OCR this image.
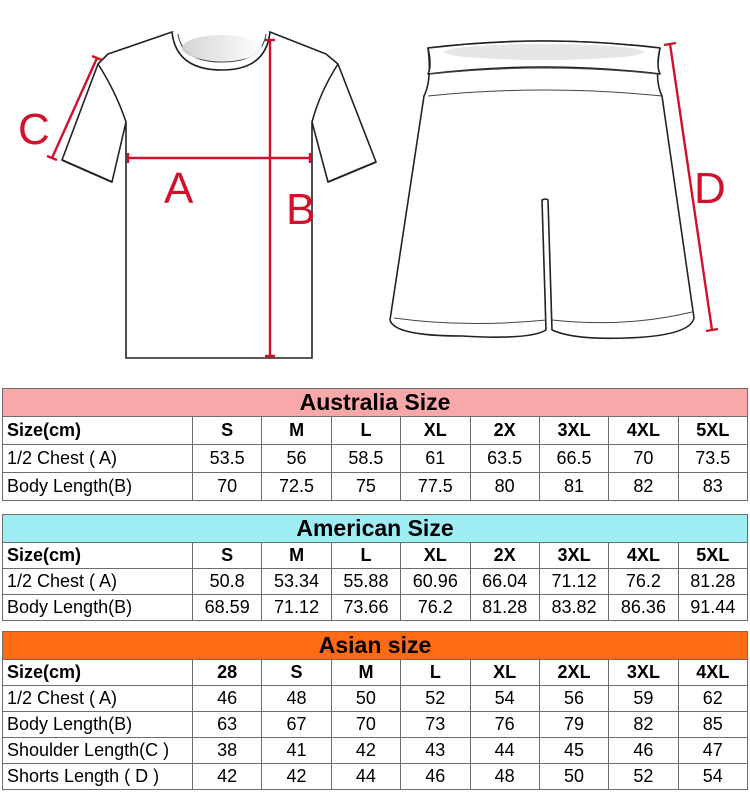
C
A B	D
Australia Size								
Size(cm)	S	M	L	XL	2X	3XL	4XL	5XL
1/2 Chest ( A)	53.5	56	58.5	61	63.5	66.5	70	73.5
Body Length(B)	70	72.5	75	77.5	80	81	82	83
American Size								
Size(cm)	S	M	L	XL	2X	3XL	4XL	5XL
1/2 Chest ( A)	50.8	53.34	55.88	60.96	66.04	71.12	76.2	81.28
Body Length(B)	68.59	71.12	73.66	76.2	81.28	83.82	86.36	91.44
Asian size								
Size(cm)	28	S	M	L	XL	2XL	3XL	4XL
1/2 Chest ( A)	46	48	50	52	54	56	59	62
Body Length(B)	63	67	70	73	76	79	82	85
Shoulder Length(C )	38	41	42	43	44	45	46	47
Shorts Length ( D )	42	42	44	46	48	50	52	54
